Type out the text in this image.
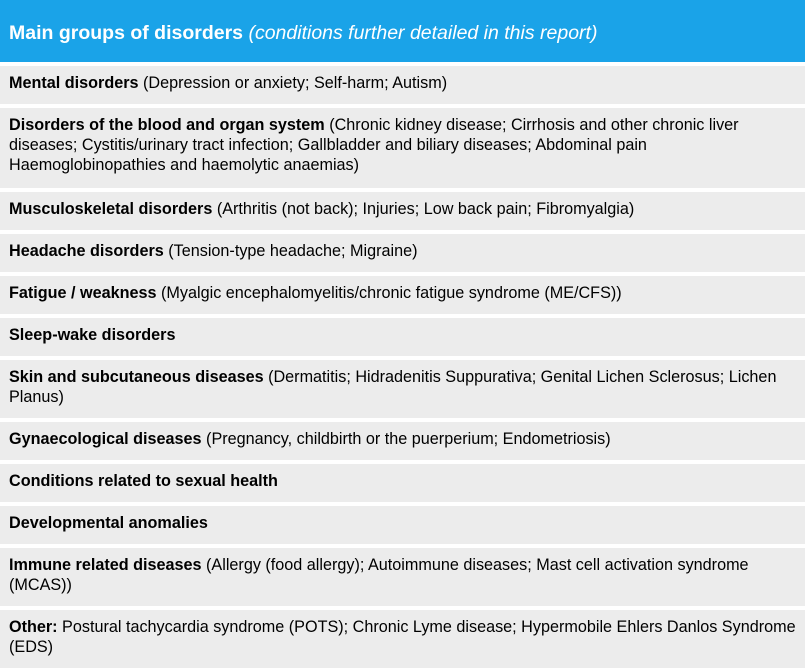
Main groups of disorders (conditions further detailed in this report)
Mental disorders (Depression or anxiety; Self-harm; Autism)
Disorders of the blood and organ system (Chronic kidney disease; Cirrhosis and other chronic liver diseases; Cystitis/urinary tract infection; Gallbladder and biliary diseases; Abdominal pain Haemoglobinopathies and haemolytic anaemias)
Musculoskeletal disorders (Arthritis (not back); Injuries; Low back pain; Fibromyalgia)
Headache disorders (Tension-type headache; Migraine)
Fatigue / weakness (Myalgic encephalomyelitis/chronic fatigue syndrome (ME/CFS))
Sleep-wake disorders
Skin and subcutaneous diseases (Dermatitis; Hidradenitis Suppurativa; Genital Lichen Sclerosus; Lichen Planus)
Gynaecological diseases (Pregnancy, childbirth or the puerperium; Endometriosis)
Conditions related to sexual health
Developmental anomalies
Immune related diseases (Allergy (food allergy); Autoimmune diseases; Mast cell activation syndrome (MCAS))
Other: Postural tachycardia syndrome (POTS); Chronic Lyme disease; Hypermobile Ehlers Danlos Syndrome (EDS)
